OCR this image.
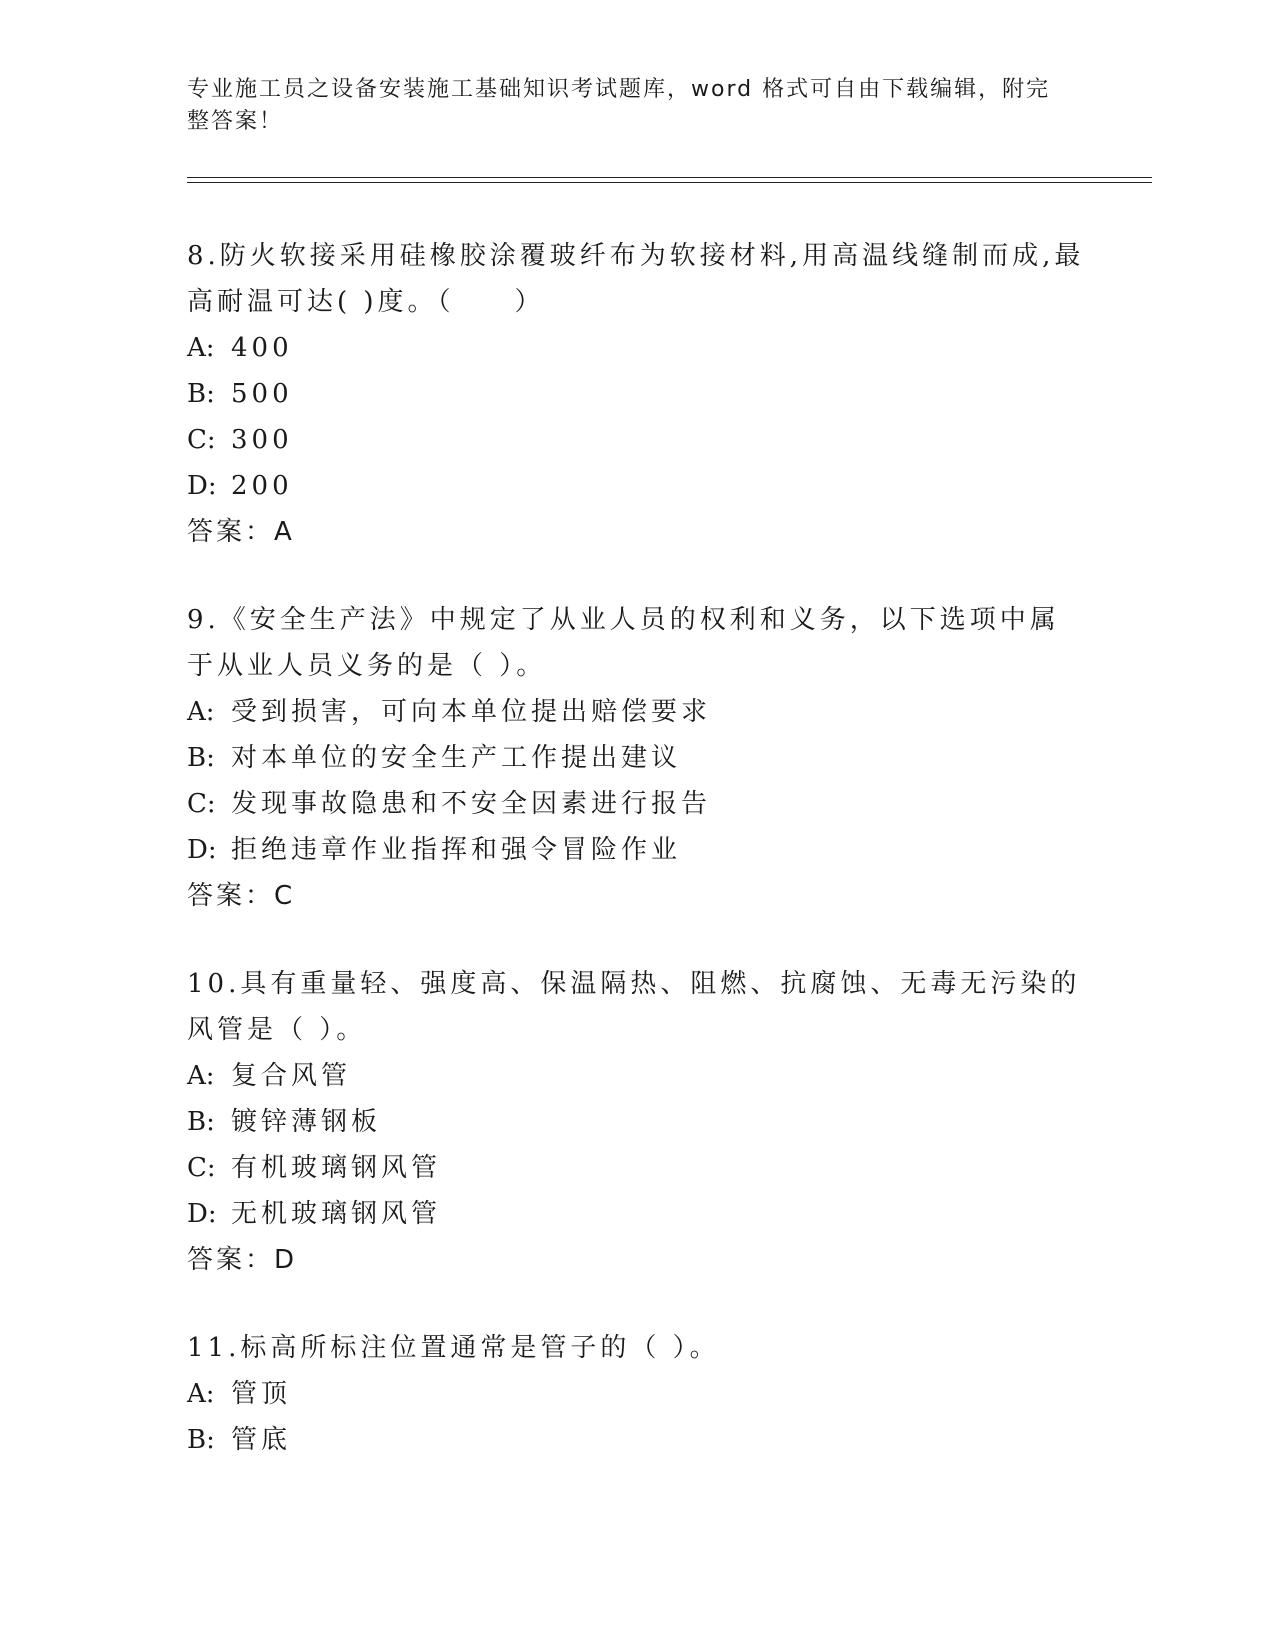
专业施工员之设备安装施工基础知识考试题库，word 格式可自由下载编辑，附完整答案！

8.防火软接采用硅橡胶涂覆玻纤布为软接材料,用高温线缝制而成,最高耐温可达( )度。（　　）

A: 400

B: 500

C: 300

D: 200

答案：A

9.《安全生产法》中规定了从业人员的权利和义务，以下选项中属于从业人员义务的是（ ）。

A: 受到损害，可向本单位提出赔偿要求

B: 对本单位的安全生产工作提出建议

C: 发现事故隐患和不安全因素进行报告

D: 拒绝违章作业指挥和强令冒险作业

答案：C

10.具有重量轻、强度高、保温隔热、阻燃、抗腐蚀、无毒无污染的风管是（ ）。

A: 复合风管

B: 镀锌薄钢板

C: 有机玻璃钢风管

D: 无机玻璃钢风管

答案：D

11.标高所标注位置通常是管子的（ ）。

A: 管顶

B: 管底
